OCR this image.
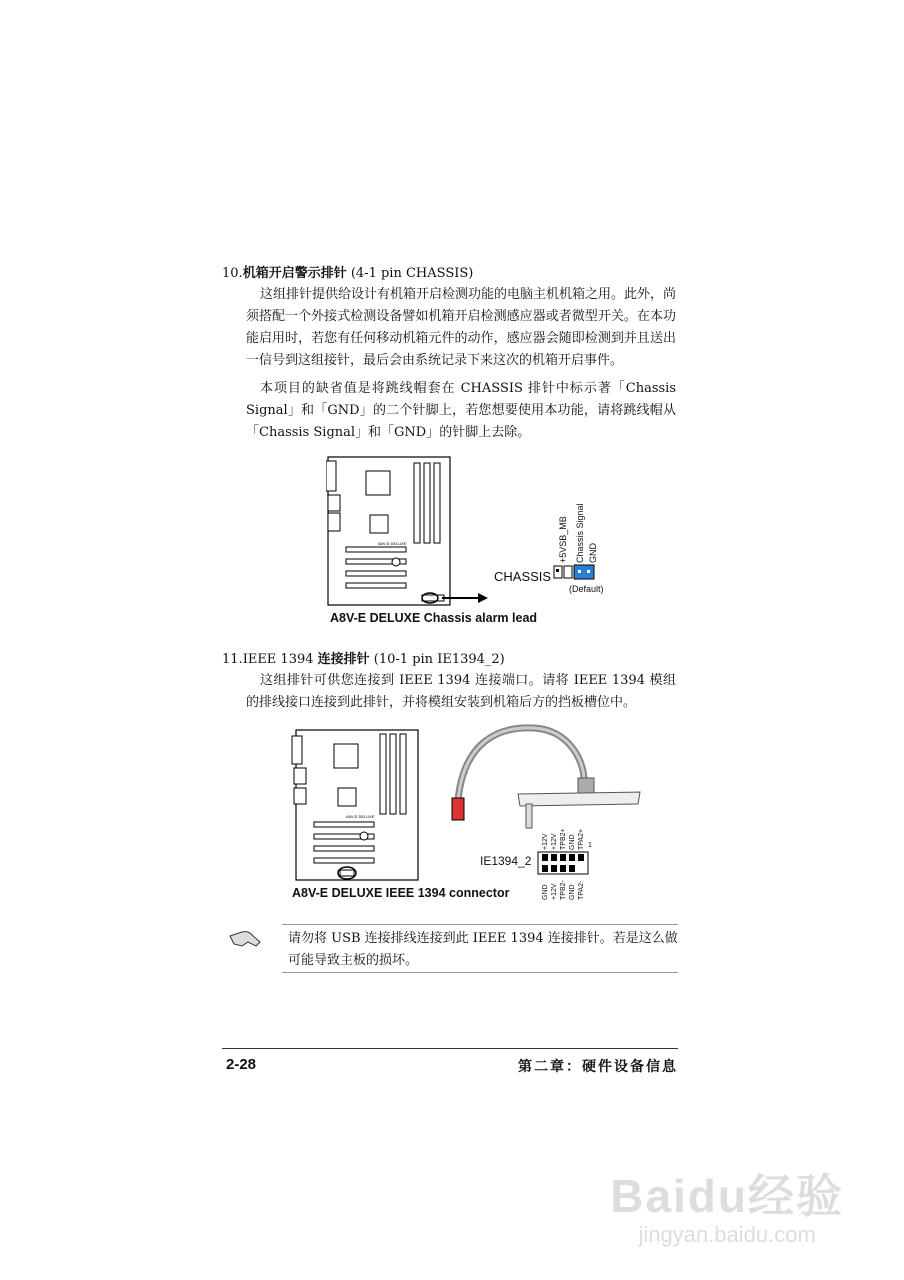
10.机箱开启警示排针 (4-1 pin CHASSIS)

这组排针提供给设计有机箱开启检测功能的电脑主机机箱之用。此外，尚须搭配一个外接式检测设备譬如机箱开启检测感应器或者微型开关。在本功能启用时，若您有任何移动机箱元件的动作，感应器会随即检测到并且送出一信号到这组接针，最后会由系统记录下来这次的机箱开启事件。

本项目的缺省值是将跳线帽套在 CHASSIS 排针中标示著「Chassis Signal」和「GND」的二个针脚上，若您想要使用本功能，请将跳线帽从「Chassis Signal」和「GND」的针脚上去除。

A8V-E DELUXE
CHASSIS
+5VSB_MB Chassis Signal GND
(Default)
A8V-E DELUXE Chassis alarm lead
11.IEEE 1394 连接排针 (10-1 pin IE1394_2)

这组排针可供您连接到 IEEE 1394 连接端口。请将 IEEE 1394 模组的排线接口连接到此排针，并将模组安装到机箱后方的挡板槽位中。

A8V-E DELUXE
IE1394_2
+12V +12V TPB2+ GND TPA2+ 1
GND +12V TPB2- GND TPA2-
A8V-E DELUXE IEEE 1394 connector
请勿将 USB 连接排线连接到此 IEEE 1394 连接排针。若是这么做可能导致主板的损坏。
2-28	第二章：硬件设备信息
Baidu经验
jingyan.baidu.com
